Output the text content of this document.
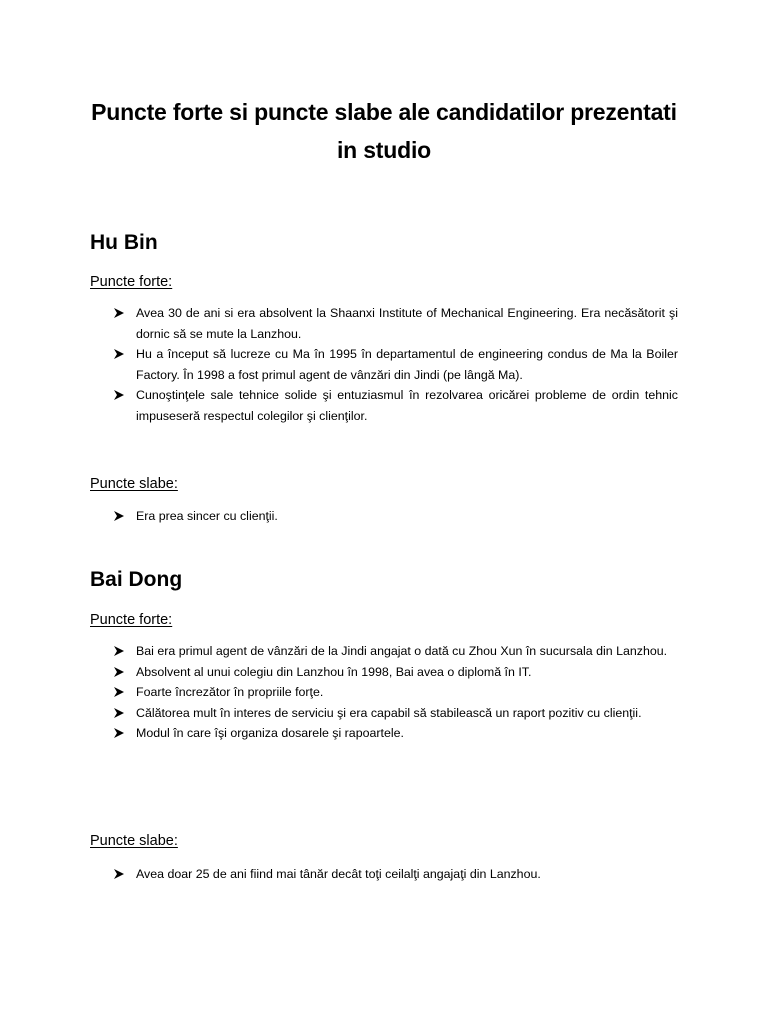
Puncte forte si puncte slabe ale candidatilor prezentati in studio
Hu Bin
Puncte forte:
Avea 30 de ani si era absolvent la Shaanxi Institute of Mechanical Engineering. Era necăsătorit şi dornic să se mute la Lanzhou.
Hu a început să lucreze cu Ma în 1995 în departamentul de engineering condus de Ma la Boiler Factory. În 1998 a fost primul agent de vânzări din Jindi (pe lângă Ma).
Cunoştinţele sale tehnice solide şi entuziasmul în rezolvarea oricărei probleme de ordin tehnic impuseseră respectul colegilor şi clienţilor.
Puncte slabe:
Era prea sincer cu clienţii.
Bai Dong
Puncte forte:
Bai era primul agent de vânzări de la Jindi angajat o dată cu Zhou Xun în sucursala din Lanzhou.
Absolvent al unui colegiu din Lanzhou în 1998, Bai avea o diplomă în IT.
Foarte încrezător în propriile forţe.
Călătorea mult în interes de serviciu şi era capabil să stabilească un raport pozitiv cu clienţii.
Modul în care îşi organiza dosarele şi rapoartele.
Puncte slabe:
Avea doar 25 de ani fiind mai tânăr decât toţi ceilalţi angajaţi din Lanzhou.
